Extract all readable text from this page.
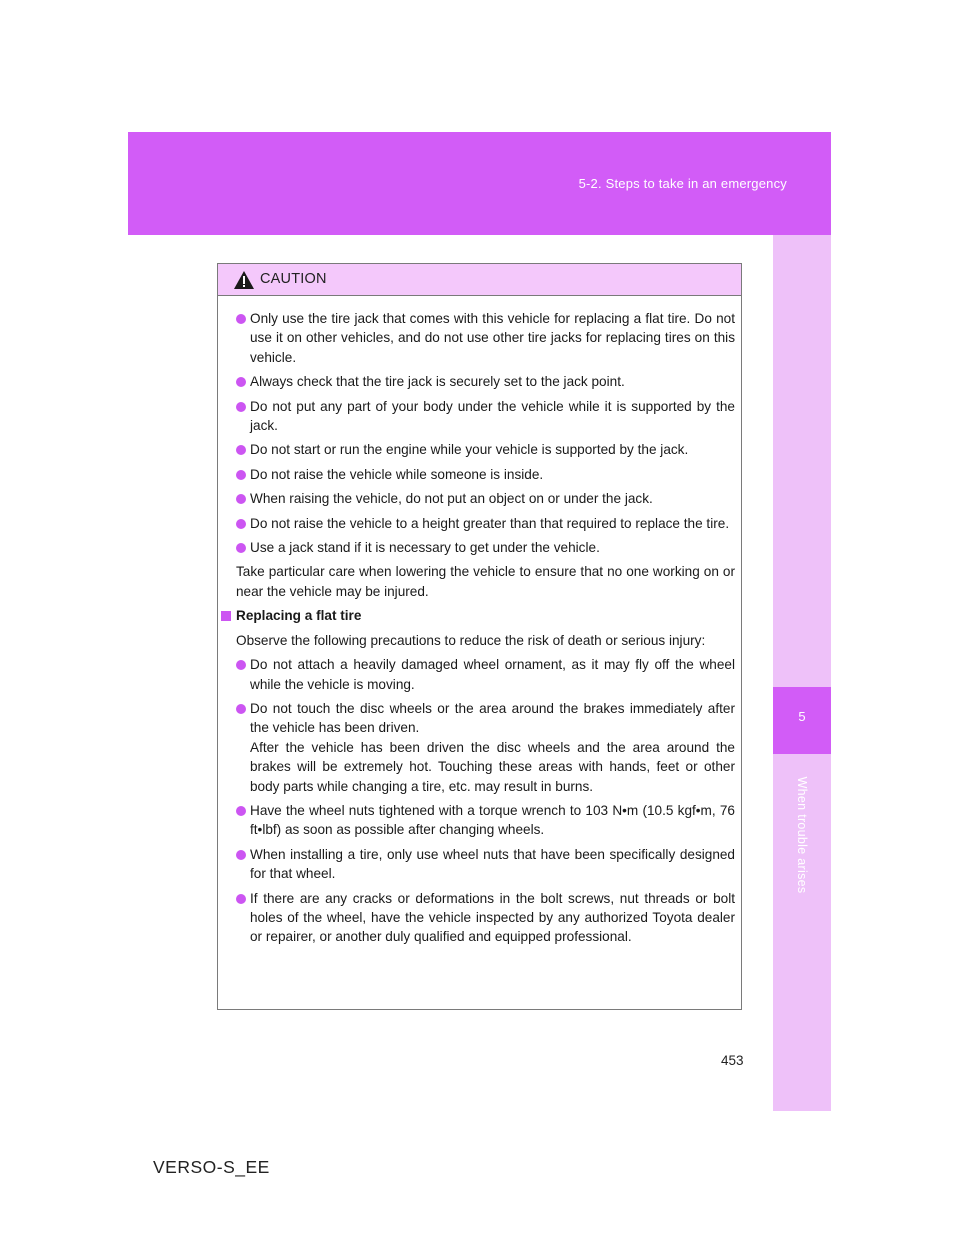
5-2. Steps to take in an emergency
5
When trouble arises
CAUTION
Only use the tire jack that comes with this vehicle for replacing a flat tire. Do not use it on other vehicles, and do not use other tire jacks for replacing tires on this vehicle.
Always check that the tire jack is securely set to the jack point.
Do not put any part of your body under the vehicle while it is supported by the jack.
Do not start or run the engine while your vehicle is supported by the jack.
Do not raise the vehicle while someone is inside.
When raising the vehicle, do not put an object on or under the jack.
Do not raise the vehicle to a height greater than that required to replace the tire.
Use a jack stand if it is necessary to get under the vehicle.

Take particular care when lowering the vehicle to ensure that no one working on or near the vehicle may be injured.

Replacing a flat tire

Observe the following precautions to reduce the risk of death or serious injury:

Do not attach a heavily damaged wheel ornament, as it may fly off the wheel while the vehicle is moving.
Do not touch the disc wheels or the area around the brakes immediately after the vehicle has been driven.
After the vehicle has been driven the disc wheels and the area around the brakes will be extremely hot. Touching these areas with hands, feet or other body parts while changing a tire, etc. may result in burns.
Have the wheel nuts tightened with a torque wrench to 103 N•m (10.5 kgf•m, 76 ft•lbf) as soon as possible after changing wheels.
When installing a tire, only use wheel nuts that have been specifically designed for that wheel.
If there are any cracks or deformations in the bolt screws, nut threads or bolt holes of the wheel, have the vehicle inspected by any authorized Toyota dealer or repairer, or another duly qualified and equipped professional.
453
VERSO-S_EE
